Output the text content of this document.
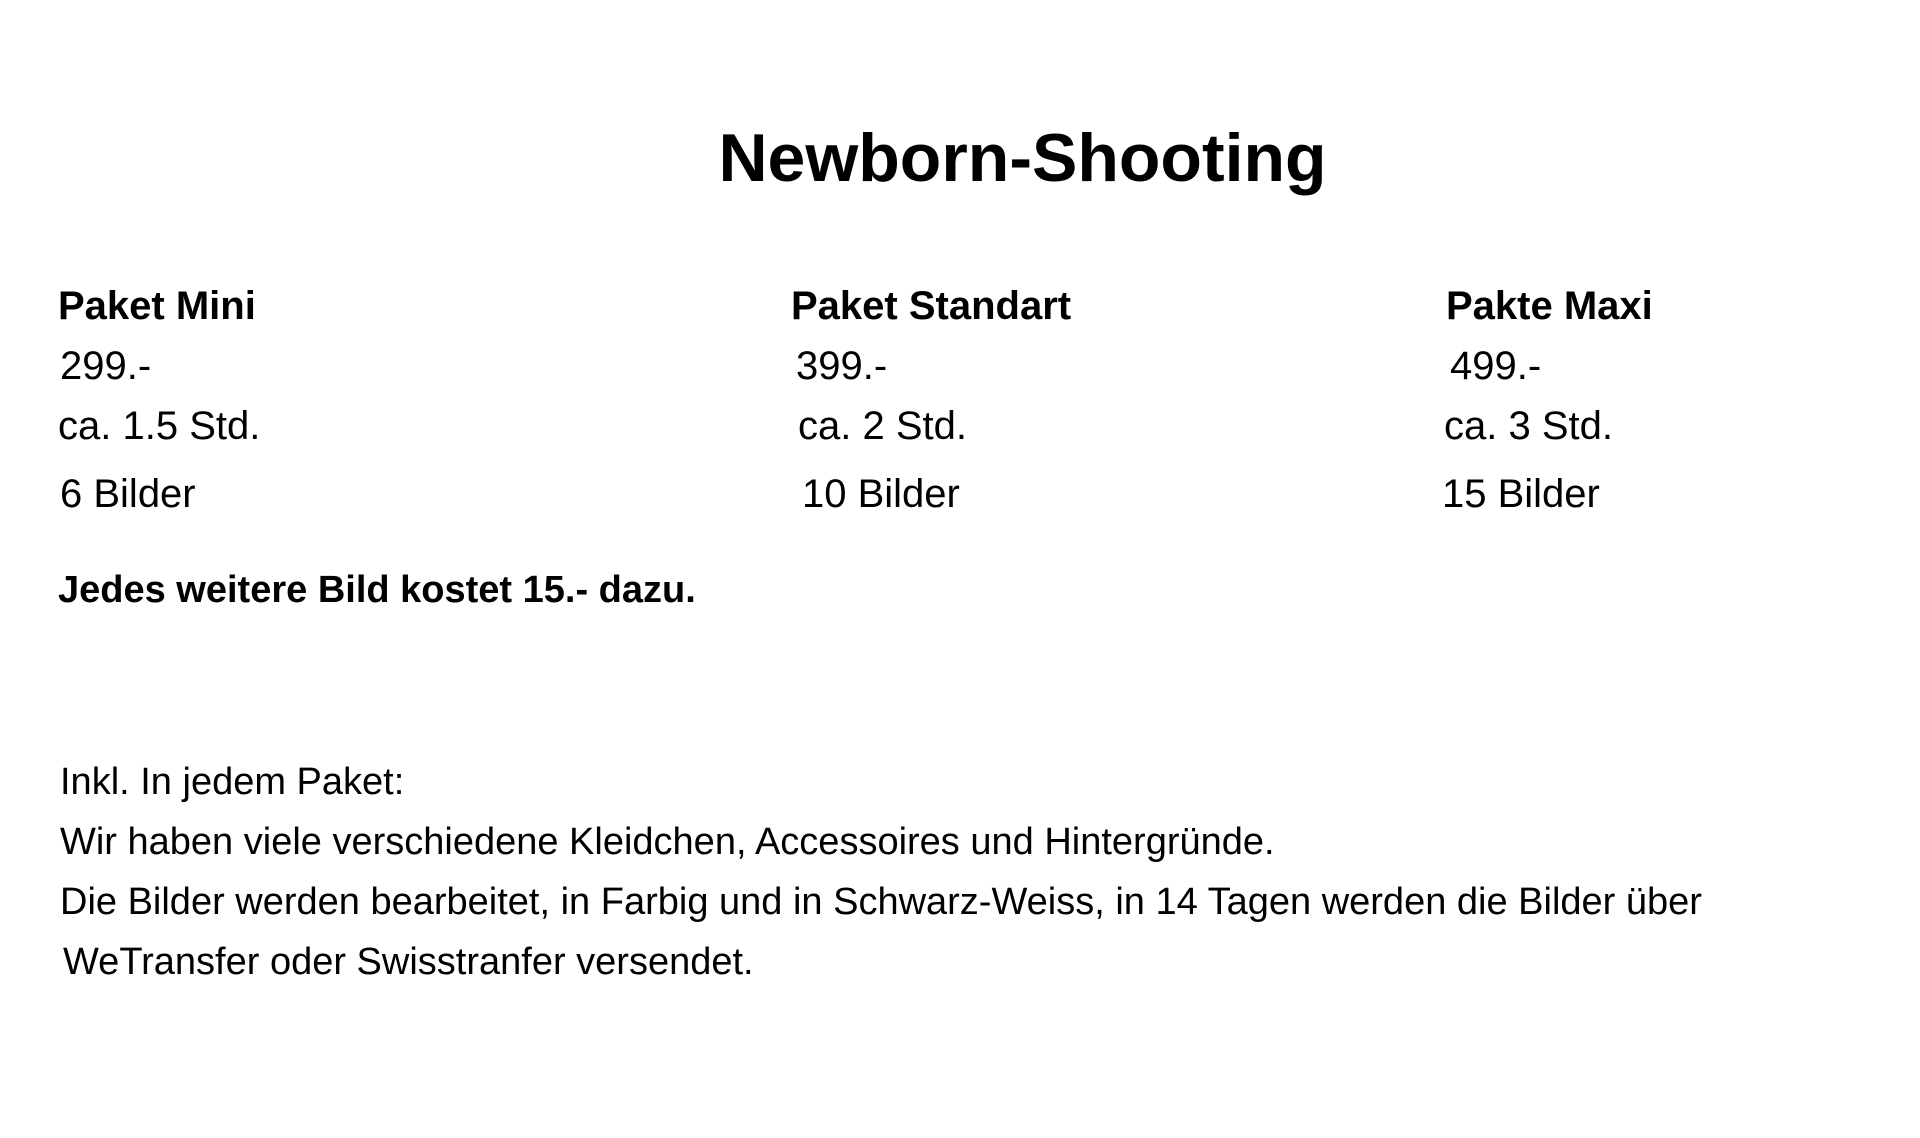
Newborn-Shooting
Paket Mini
299.-
ca. 1.5 Std.
6 Bilder
Paket Standart
399.-
ca. 2 Std.
10 Bilder
Pakte Maxi
499.-
ca. 3 Std.
15 Bilder
Jedes weitere Bild kostet 15.- dazu.
Inkl. In jedem Paket:
Wir haben viele verschiedene Kleidchen, Accessoires und Hintergründe.
Die Bilder werden bearbeitet, in Farbig und in Schwarz-Weiss, in 14 Tagen werden die Bilder über
WeTransfer oder Swisstranfer versendet.
